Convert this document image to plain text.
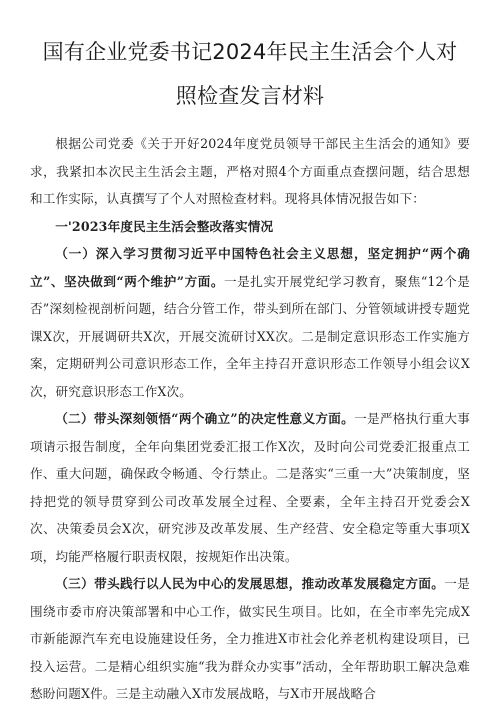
国有企业党委书记2024年民主生活会个人对照检查发言材料

根据公司党委《关于开好2024年度党员领导干部民主生活会的通知》要求，我紧扣本次民主生活会主题，严格对照4个方面重点查摆问题，结合思想和工作实际，认真撰写了个人对照检查材料。现将具体情况报告如下：

一'2023年度民主生活会整改落实情况

（一）深入学习贯彻习近平中国特色社会主义思想，坚定拥护“两个确立”、坚决做到“两个维护”方面。一是扎实开展党纪学习教育，聚焦“12个是否”深刻检视剖析问题，结合分管工作，带头到所在部门、分管领域讲授专题党课X次，开展调研共X次，开展交流研讨XX次。二是制定意识形态工作实施方案，定期研判公司意识形态工作，全年主持召开意识形态工作领导小组会议X次，研究意识形态工作X次。

（二）带头深刻领悟“两个确立”的决定性意义方面。一是严格执行重大事项请示报告制度，全年向集团党委汇报工作X次，及时向公司党委汇报重点工作、重大问题，确保政令畅通、令行禁止。二是落实“三重一大”决策制度，坚持把党的领导贯穿到公司改革发展全过程、全要素，全年主持召开党委会X次、决策委员会X次，研究涉及改革发展、生产经营、安全稳定等重大事项X项，均能严格履行职责权限，按规矩作出决策。

（三）带头践行以人民为中心的发展思想，推动改革发展稳定方面。一是围绕市委市府决策部署和中心工作，做实民生项目。比如，在全市率先完成X市新能源汽车充电设施建设任务，全力推进X市社会化养老机构建设项目，已投入运营。二是精心组织实施“我为群众办实事”活动，全年帮助职工解决急难愁盼问题X件。三是主动融入X市发展战略，与X市开展战略合
